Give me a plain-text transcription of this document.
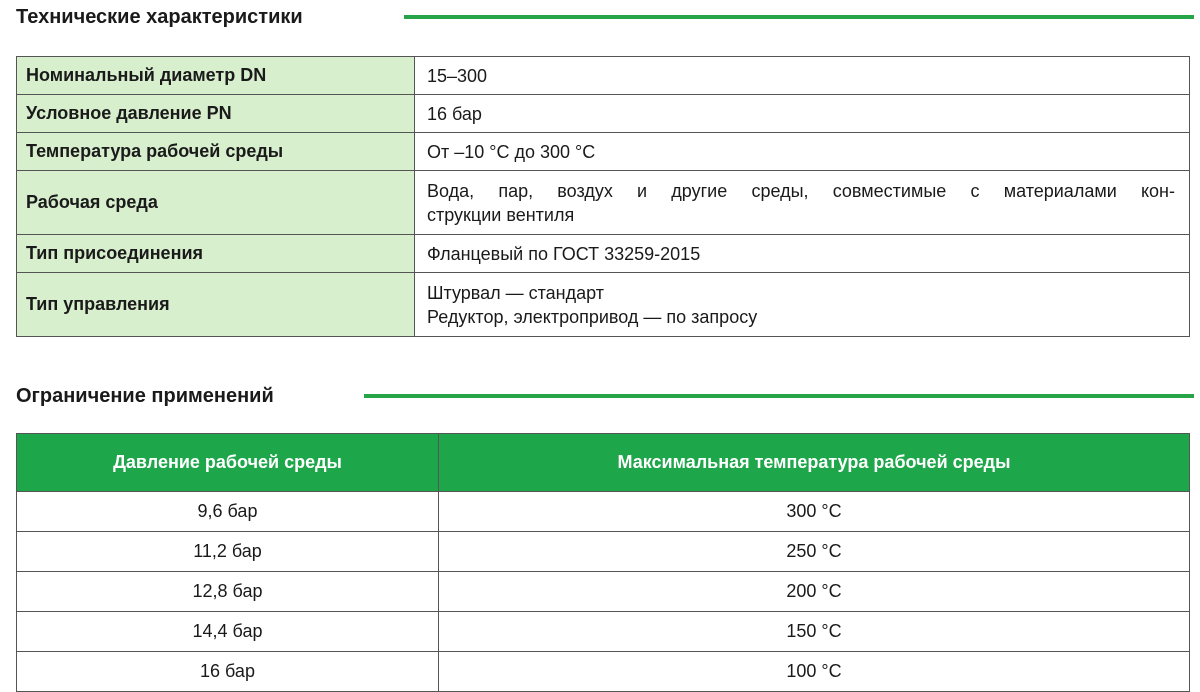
Технические характеристики
Номинальный диаметр DN	15–300
Условное давление PN	16 бар
Температура рабочей среды	От –10 °C до 300 °C
Рабочая среда	Вода, пар, воздух и другие среды, совместимые с материалами кон-
струкции вентиля

Тип присоединения	Фланцевый по ГОСТ 33259-2015
Тип управления	Штурвал — стандарт
Редуктор, электропривод — по запросу
Ограничение применений
Давление рабочей среды	Максимальная температура рабочей среды
9,6 бар	300 °C
11,2 бар	250 °C
12,8 бар	200 °C
14,4 бар	150 °C
16 бар	100 °C
